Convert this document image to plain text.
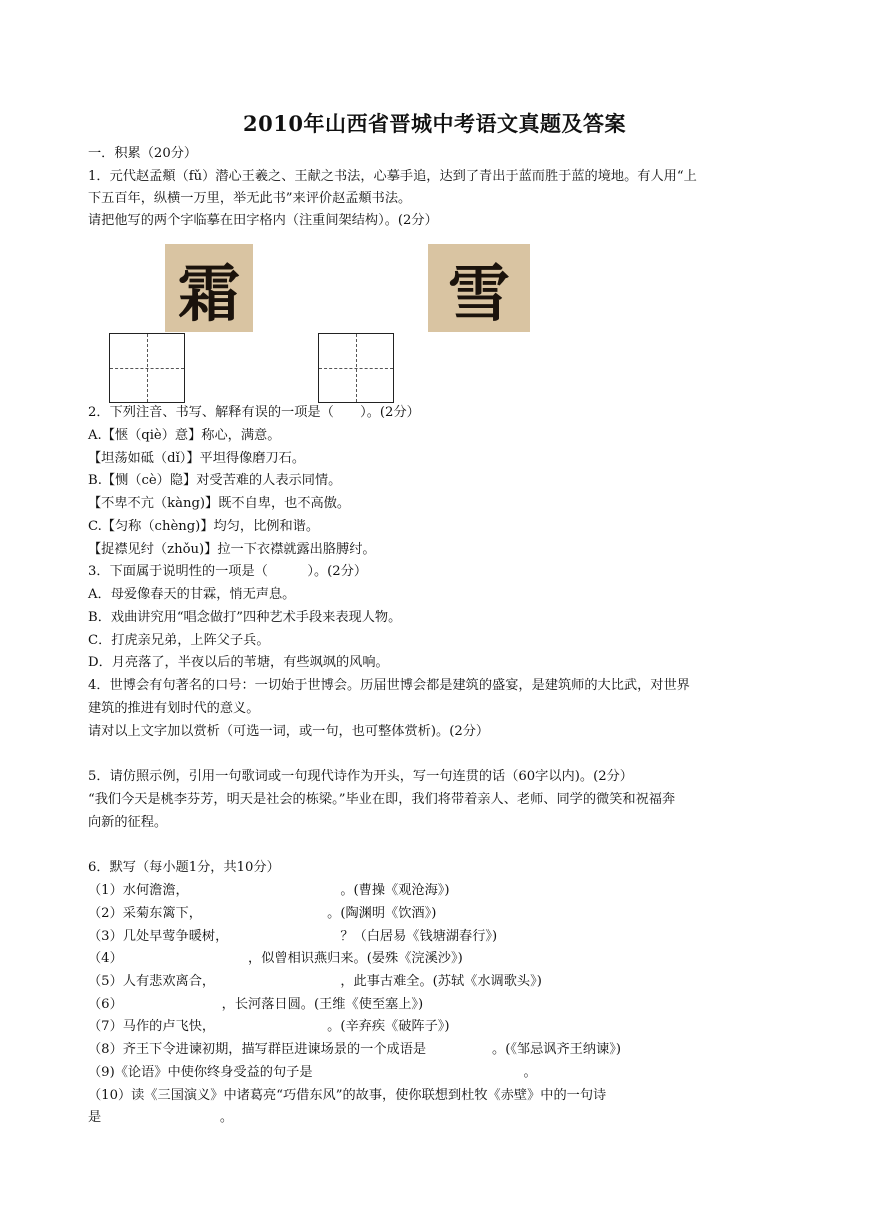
2010年山西省晋城中考语文真题及答案
一．积累（20分）
1．元代赵孟頫（fǔ）潜心王羲之、王献之书法，心摹手追，达到了青出于蓝而胜于蓝的境地。有人用“上
下五百年，纵横一万里，举无此书”来评价赵孟頫书法。
请把他写的两个字临摹在田字格内（注重间架结构）。(2分）
霜	雪
2．下列注音、书写、解释有误的一项是（　　）。(2分）
A.【惬（qiè）意】称心，满意。
【坦荡如砥（dǐ）】平坦得像磨刀石。
B.【恻（cè）隐】对受苦难的人表示同情。
【不卑不亢（kàng)】既不自卑，也不高傲。
C.【匀称（chèng)】均匀，比例和谐。
【捉襟见纣（zhǒu)】拉一下衣襟就露出胳膊纣。
3．下面属于说明性的一项是（　　　）。(2分）
A．母爱像春天的甘霖，悄无声息。
B．戏曲讲究用“唱念做打”四种艺术手段来表现人物。
C．打虎亲兄弟，上阵父子兵。
D．月亮落了，半夜以后的苇塘，有些飒飒的风响。
4．世博会有句著名的口号：一切始于世博会。历届世博会都是建筑的盛宴，是建筑师的大比武，对世界
建筑的推进有划时代的意义。
请对以上文字加以赏析（可选一词，或一句，也可整体赏析)。(2分）
5．请仿照示例，引用一句歌词或一句现代诗作为开头，写一句连贯的话（60字以内)。(2分）
“我们今天是桃李芬芳，明天是社会的栋梁。”毕业在即，我们将带着亲人、老师、同学的微笑和祝福奔
向新的征程。
6．默写（每小题1分，共10分）
（1）水何澹澹，　　　　　　　　　　　　。(曹操《观沧海》)
（2）采菊东篱下，　　　　　　　　　　。(陶渊明《饮酒》)
（3）几处早莺争暖树，　　　　　　　　　？（白居易《钱塘湖春行》)
（4）　　　　　　　　　　，似曾相识燕归来。(晏殊《浣溪沙》)
（5）人有悲欢离合，　　　　　　　　　　，此事古难全。(苏轼《水调歌头》)
（6）　　　　　　　　，长河落日圆。(王维《使至塞上》)
（7）马作的卢飞快，　　　　　　　　　。(辛弃疾《破阵子》)
（8）齐王下令进谏初期，描写群臣进谏场景的一个成语是　　　　　。(《邹忌讽齐王纳谏》)
（9)《论语》中使你终身受益的句子是　　　　　　　　　　　　　　　　。
（10）读《三国演义》中诸葛亮“巧借东风”的故事，使你联想到杜牧《赤壁》中的一句诗
是　　　　　　　　　。
